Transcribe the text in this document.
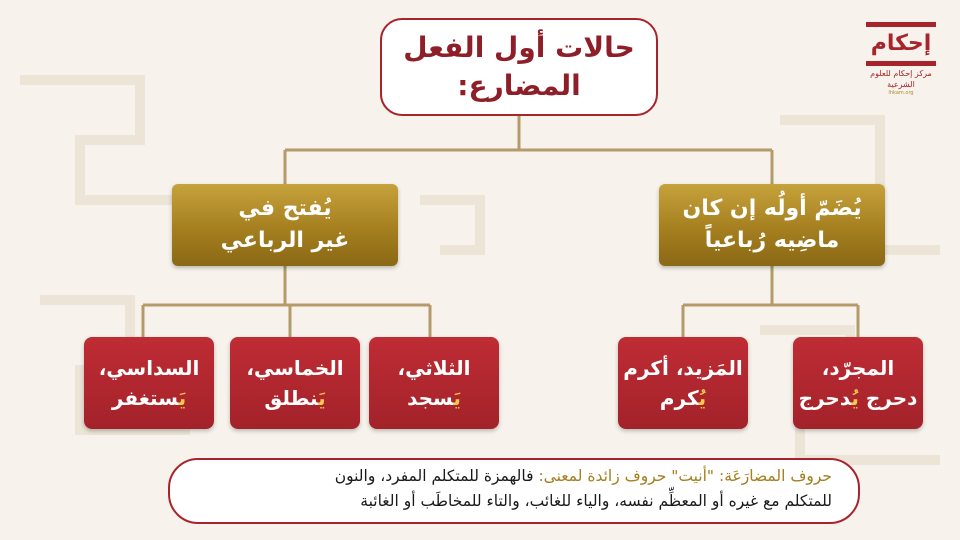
إحكام
مركز إحكام للعلوم الشرعية
Ihkam.org
حالات أول الفعل
المضارع:
يُضَمّ أولُه إن كان
ماضِيه رُباعياً
يُفتح في
غير الرباعي
المجرّد،
دحرج يُدحرج
المَزيد، أكرم
يُكرم
الثلاثي،
يَسجد
الخماسي،
يَنطلق
السداسي،
يَستغفر
حروف المضارَعَة: "أنيت" حروف زائدة لمعنى: فالهمزة للمتكلم المفرد، والنون
للمتكلم مع غيره أو المعظِّم نفسه، والياء للغائب، والتاء للمخاطَب أو الغائبة
